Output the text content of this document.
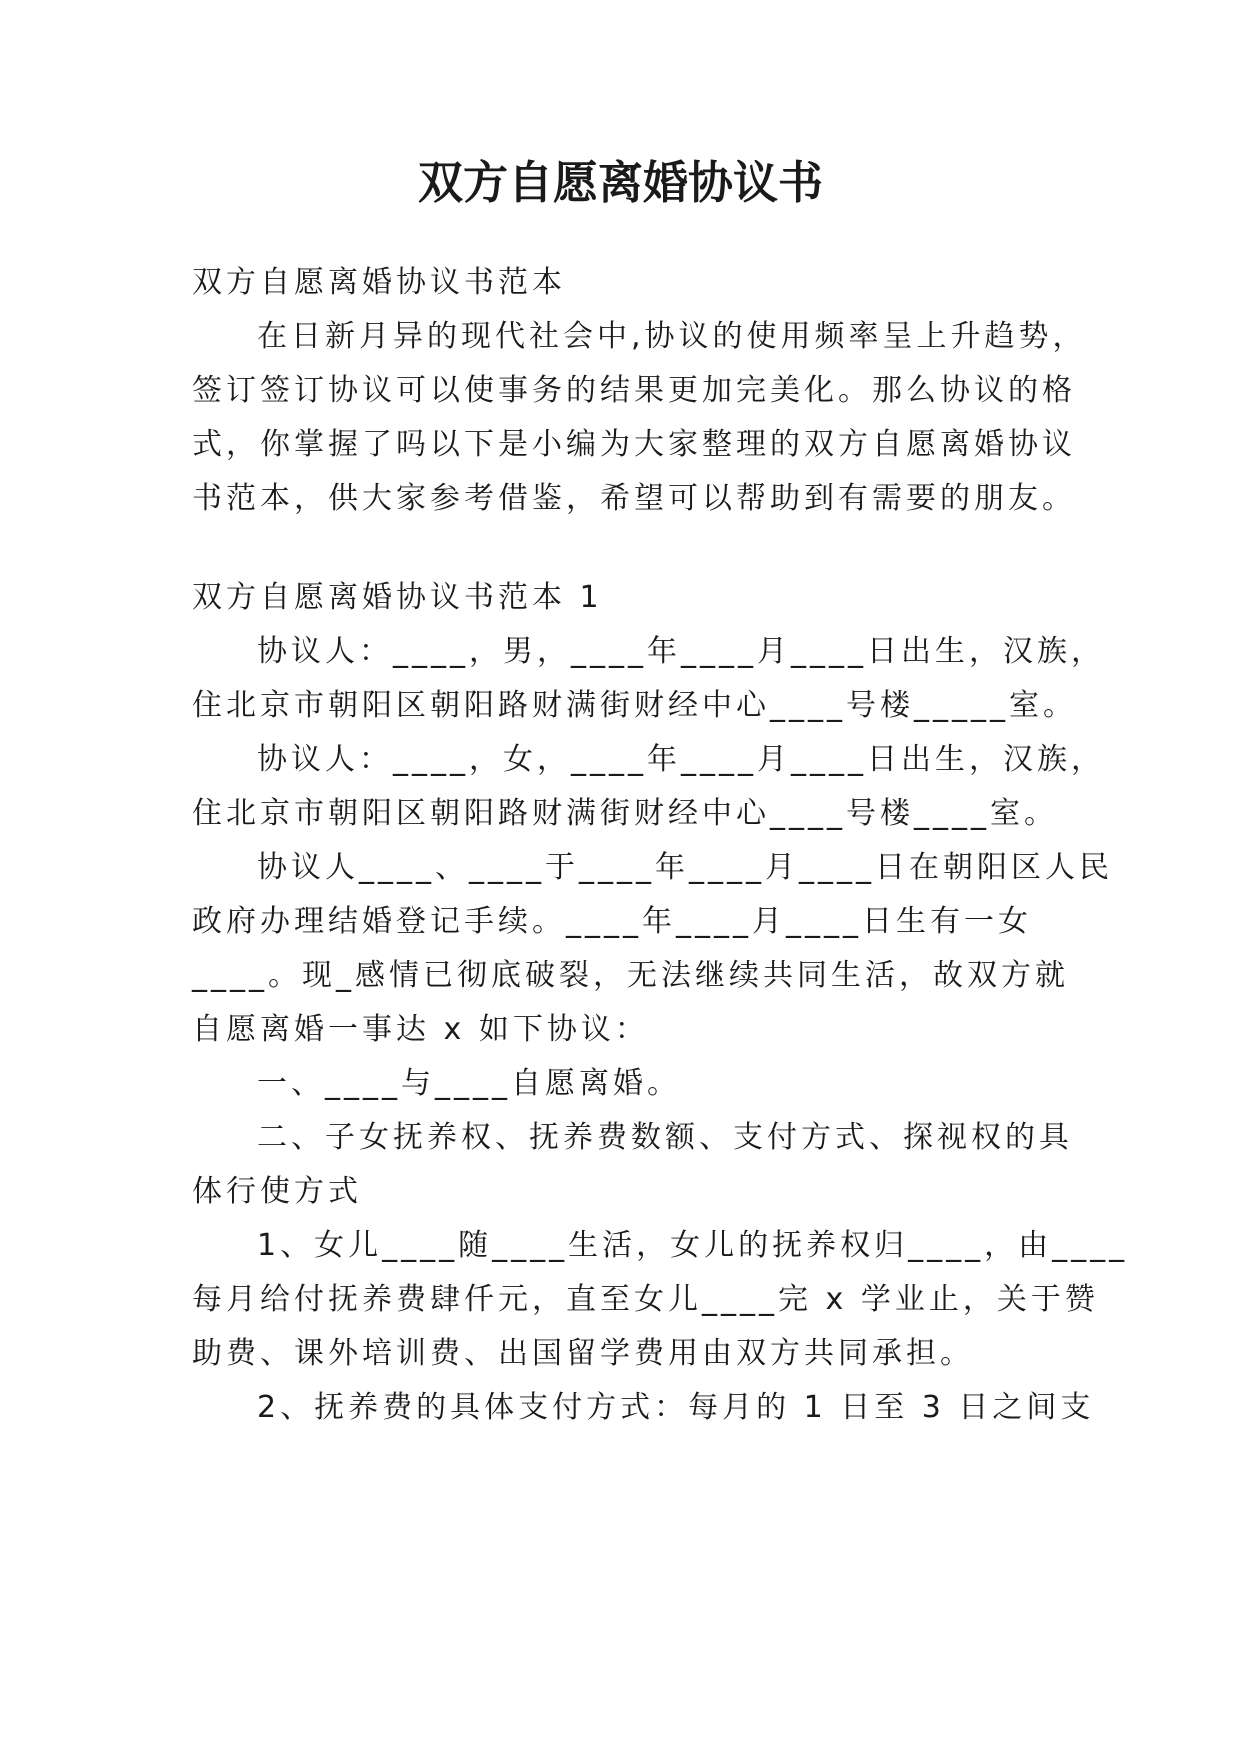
双方自愿离婚协议书
双方自愿离婚协议书范本
在日新月异的现代社会中,协议的使用频率呈上升趋势，
签订签订协议可以使事务的结果更加完美化。那么协议的格
式，你掌握了吗以下是小编为大家整理的双方自愿离婚协议
书范本，供大家参考借鉴，希望可以帮助到有需要的朋友。
双方自愿离婚协议书范本 1
协议人：____，男，____年____月____日出生，汉族，
住北京市朝阳区朝阳路财满街财经中心____号楼_____室。
协议人：____，女，____年____月____日出生，汉族，
住北京市朝阳区朝阳路财满街财经中心____号楼____室。
协议人____、____于____年____月____日在朝阳区人民
政府办理结婚登记手续。____年____月____日生有一女
____。现_感情已彻底破裂，无法继续共同生活，故双方就
自愿离婚一事达 x 如下协议：
一、____与____自愿离婚。
二、子女抚养权、抚养费数额、支付方式、探视权的具
体行使方式
1、女儿____随____生活，女儿的抚养权归____，由____
每月给付抚养费肆仟元，直至女儿____完 x 学业止，关于赞
助费、课外培训费、出国留学费用由双方共同承担。
2、抚养费的具体支付方式：每月的 1 日至 3 日之间支
